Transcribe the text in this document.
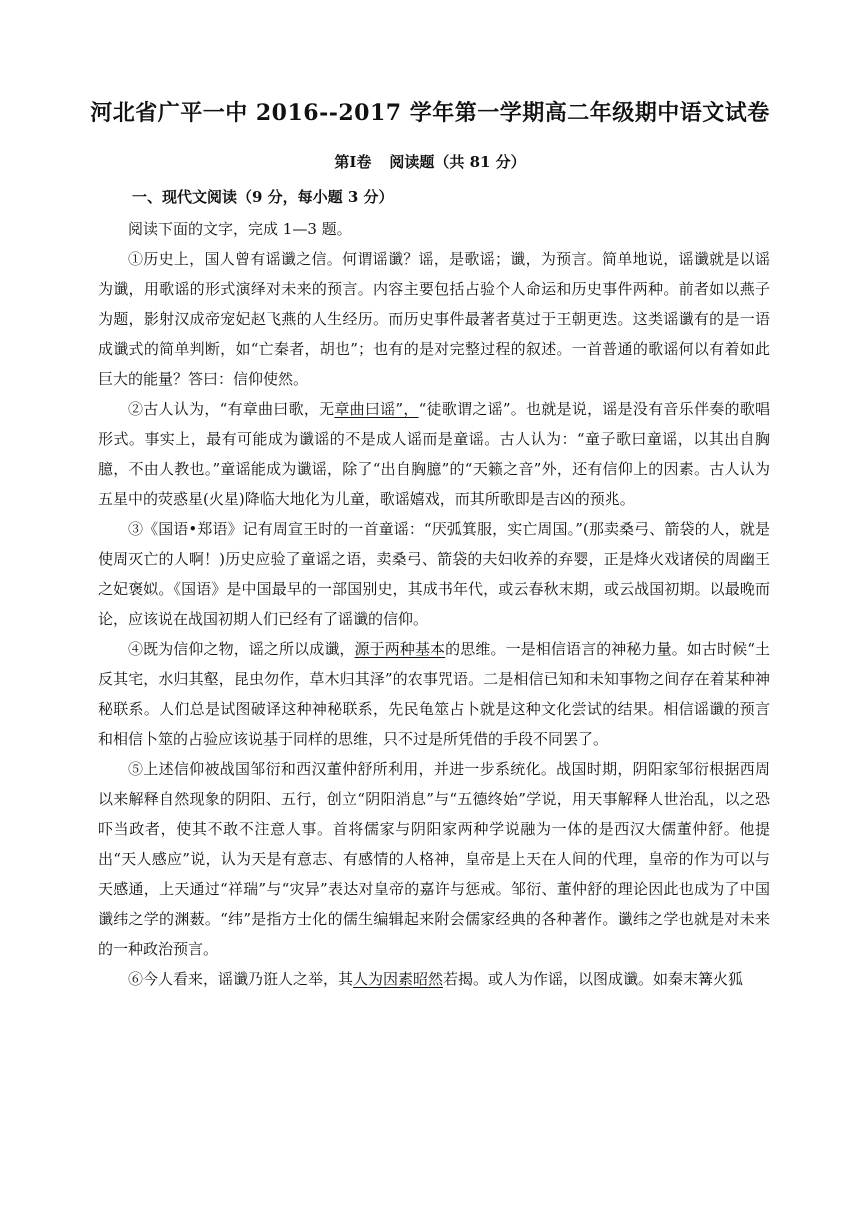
河北省广平一中 2016--2017 学年第一学期高二年级期中语文试卷
第Ⅰ卷 阅读题（共 81 分）
一、现代文阅读（9 分，每小题 3 分）

阅读下面的文字，完成 1—3 题。

①历史上，国人曾有谣谶之信。何谓谣谶？谣，是歌谣；谶，为预言。简单地说，谣谶就是以谣为谶，用歌谣的形式演绎对未来的预言。内容主要包括占验个人命运和历史事件两种。前者如以燕子为题，影射汉成帝宠妃赵飞燕的人生经历。而历史事件最著者莫过于王朝更迭。这类谣谶有的是一语成谶式的简单判断，如“亡秦者，胡也”；也有的是对完整过程的叙述。一首普通的歌谣何以有着如此巨大的能量？答曰：信仰使然。

②古人认为，“有章曲曰歌，无章曲曰谣”，“徒歌谓之谣”。也就是说，谣是没有音乐伴奏的歌唱形式。事实上，最有可能成为谶谣的不是成人谣而是童谣。古人认为：“童子歌曰童谣，以其出自胸臆，不由人教也。”童谣能成为谶谣，除了“出自胸臆”的“天籁之音”外，还有信仰上的因素。古人认为五星中的荧惑星(火星)降临大地化为儿童，歌谣嬉戏，而其所歌即是吉凶的预兆。

③《国语•郑语》记有周宣王时的一首童谣：“厌弧箕服，实亡周国。”(那卖桑弓、箭袋的人，就是使周灭亡的人啊！)历史应验了童谣之语，卖桑弓、箭袋的夫妇收养的弃婴，正是烽火戏诸侯的周幽王之妃褒姒。《国语》是中国最早的一部国别史，其成书年代，或云春秋末期，或云战国初期。以最晚而论，应该说在战国初期人们已经有了谣谶的信仰。

④既为信仰之物，谣之所以成谶，源于两种基本的思维。一是相信语言的神秘力量。如古时候“土反其宅，水归其壑，昆虫勿作，草木归其泽”的农事咒语。二是相信已知和未知事物之间存在着某种神秘联系。人们总是试图破译这种神秘联系，先民龟筮占卜就是这种文化尝试的结果。相信谣谶的预言和相信卜筮的占验应该说基于同样的思维，只不过是所凭借的手段不同罢了。

⑤上述信仰被战国邹衍和西汉董仲舒所利用，并进一步系统化。战国时期，阴阳家邹衍根据西周以来解释自然现象的阴阳、五行，创立“阴阳消息”与“五德终始”学说，用天事解释人世治乱，以之恐吓当政者，使其不敢不注意人事。首将儒家与阴阳家两种学说融为一体的是西汉大儒董仲舒。他提出“天人感应”说，认为天是有意志、有感情的人格神，皇帝是上天在人间的代理，皇帝的作为可以与天感通，上天通过“祥瑞”与“灾异”表达对皇帝的嘉许与惩戒。邹衍、董仲舒的理论因此也成为了中国谶纬之学的渊薮。“纬”是指方士化的儒生编辑起来附会儒家经典的各种著作。谶纬之学也就是对未来的一种政治预言。

⑥今人看来，谣谶乃诳人之举，其人为因素昭然若揭。或人为作谣，以图成谶。如秦末篝火狐
